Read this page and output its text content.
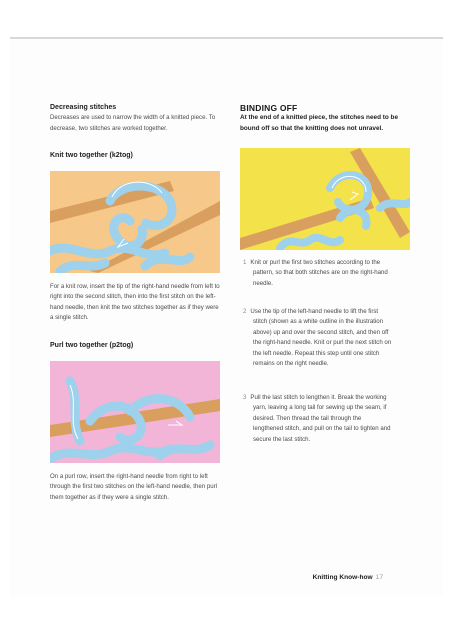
Decreasing stitches

Decreases are used to narrow the width of a knitted piece. To decrease, two stitches are worked together.

Knit two together (k2tog)

For a knit row, insert the tip of the right-hand needle from left to right into the second stitch, then into the first stitch on the left-hand needle, then knit the two stitches together as if they were a single stitch.

Purl two together (p2tog)

On a purl row, insert the right-hand needle from right to left through the first two stitches on the left-hand needle, then purl them together as if they were a single stitch.

BINDING OFF

At the end of a knitted piece, the stitches need to be bound off so that the knitting does not unravel.

1 Knit or purl the first two stitches according to the pattern, so that both stitches are on the right-hand needle.
2 Use the tip of the left-hand needle to lift the first stitch (shown as a white outline in the illustration above) up and over the second stitch, and then off the right-hand needle. Knit or purl the next stitch on the left needle. Repeat this step until one stitch remains on the right needle.
3 Pull the last stitch to lengthen it. Break the working yarn, leaving a long tail for sewing up the seam, if desired. Then thread the tail through the lengthened stitch, and pull on the tail to tighten and secure the last stitch.
Knitting Know-how 17
